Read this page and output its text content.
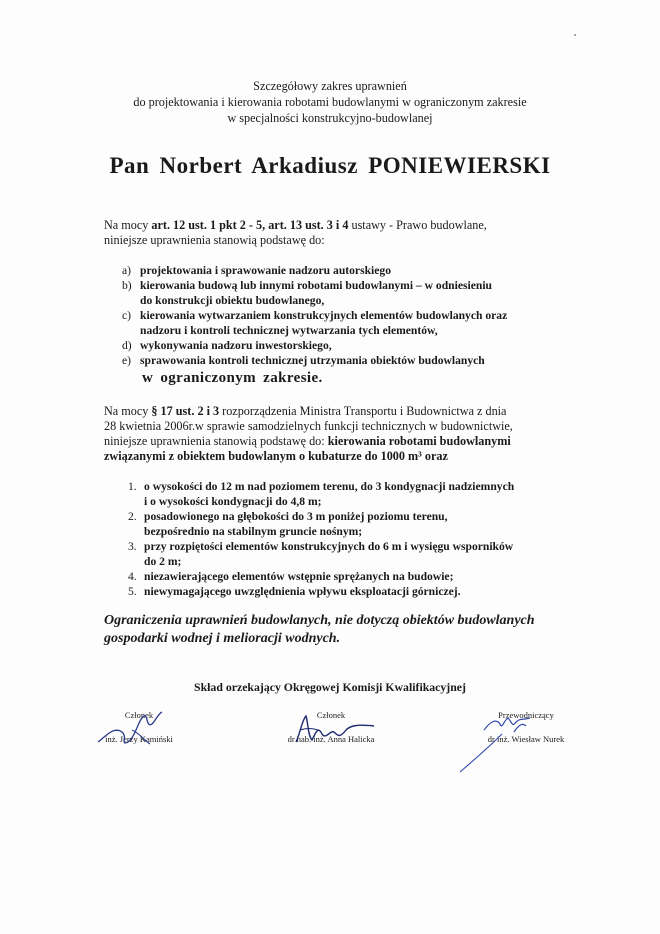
Szczegółowy zakres uprawnień
do projektowania i kierowania robotami budowlanymi w ograniczonym zakresie
w specjalności konstrukcyjno-budowlanej
Pan Norbert Arkadiusz PONIEWIERSKI
Na mocy art. 12 ust. 1 pkt 2 - 5, art. 13 ust. 3 i 4 ustawy - Prawo budowlane,
niniejsze uprawnienia stanowią podstawę do:
a) projektowania i sprawowanie nadzoru autorskiego
b) kierowania budową lub innymi robotami budowlanymi – w odniesieniu
do konstrukcji obiektu budowlanego,
c) kierowania wytwarzaniem konstrukcyjnych elementów budowlanych oraz
nadzoru i kontroli technicznej wytwarzania tych elementów,
d) wykonywania nadzoru inwestorskiego,
e) sprawowania kontroli technicznej utrzymania obiektów budowlanych
w ograniczonym zakresie.
Na mocy § 17 ust. 2 i 3 rozporządzenia Ministra Transportu i Budownictwa z dnia
28 kwietnia 2006r.w sprawie samodzielnych funkcji technicznych w budownictwie,
niniejsze uprawnienia stanowią podstawę do: kierowania robotami budowlanymi
związanymi z obiektem budowlanym o kubaturze do 1000 m³ oraz
1. o wysokości do 12 m nad poziomem terenu, do 3 kondygnacji nadziemnych
i o wysokości kondygnacji do 4,8 m;
2. posadowionego na głębokości do 3 m poniżej poziomu terenu,
bezpośrednio na stabilnym gruncie nośnym;
3. przy rozpiętości elementów konstrukcyjnych do 6 m i wysięgu wsporników
do 2 m;
4. niezawierającego elementów wstępnie sprężanych na budowie;
5. niewymagającego uwzględnienia wpływu eksploatacji górniczej.
Ograniczenia uprawnień budowlanych, nie dotyczą obiektów budowlanych
gospodarki wodnej i melioracji wodnych.
Skład orzekający Okręgowej Komisji Kwalifikacyjnej
Członek
inż. Jerzy Kamiński
Członek
dr hab. inż. Anna Halicka
Przewodniczący
dr inż. Wiesław Nurek
